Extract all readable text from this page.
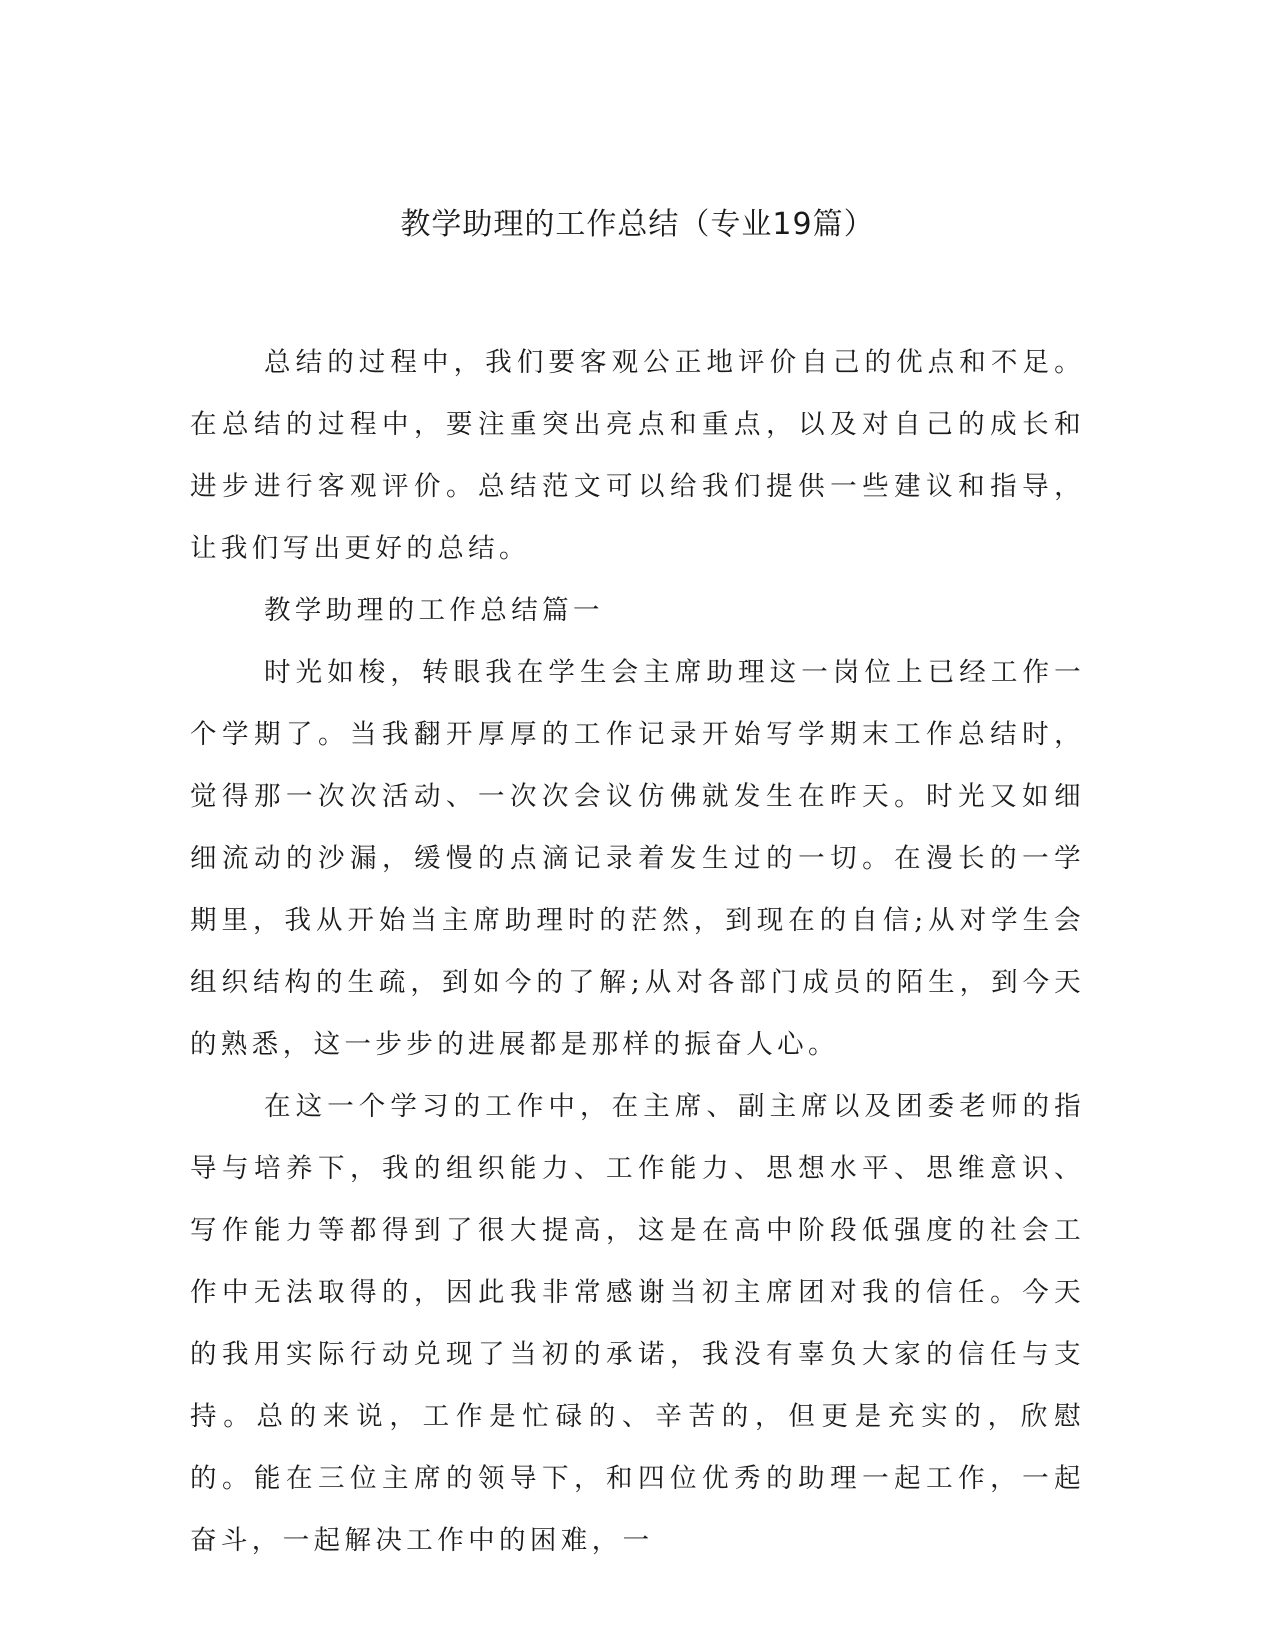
教学助理的工作总结（专业19篇）

总结的过程中，我们要客观公正地评价自己的优点和不足。在总结的过程中，要注重突出亮点和重点，以及对自己的成长和进步进行客观评价。总结范文可以给我们提供一些建议和指导，让我们写出更好的总结。

教学助理的工作总结篇一

时光如梭，转眼我在学生会主席助理这一岗位上已经工作一个学期了。当我翻开厚厚的工作记录开始写学期末工作总结时，觉得那一次次活动、一次次会议仿佛就发生在昨天。时光又如细细流动的沙漏，缓慢的点滴记录着发生过的一切。在漫长的一学期里，我从开始当主席助理时的茫然，到现在的自信;从对学生会组织结构的生疏，到如今的了解;从对各部门成员的陌生，到今天的熟悉，这一步步的进展都是那样的振奋人心。

在这一个学习的工作中，在主席、副主席以及团委老师的指导与培养下，我的组织能力、工作能力、思想水平、思维意识、写作能力等都得到了很大提高，这是在高中阶段低强度的社会工作中无法取得的，因此我非常感谢当初主席团对我的信任。今天的我用实际行动兑现了当初的承诺，我没有辜负大家的信任与支持。总的来说，工作是忙碌的、辛苦的，但更是充实的，欣慰的。能在三位主席的领导下，和四位优秀的助理一起工作，一起奋斗，一起解决工作中的困难，一
